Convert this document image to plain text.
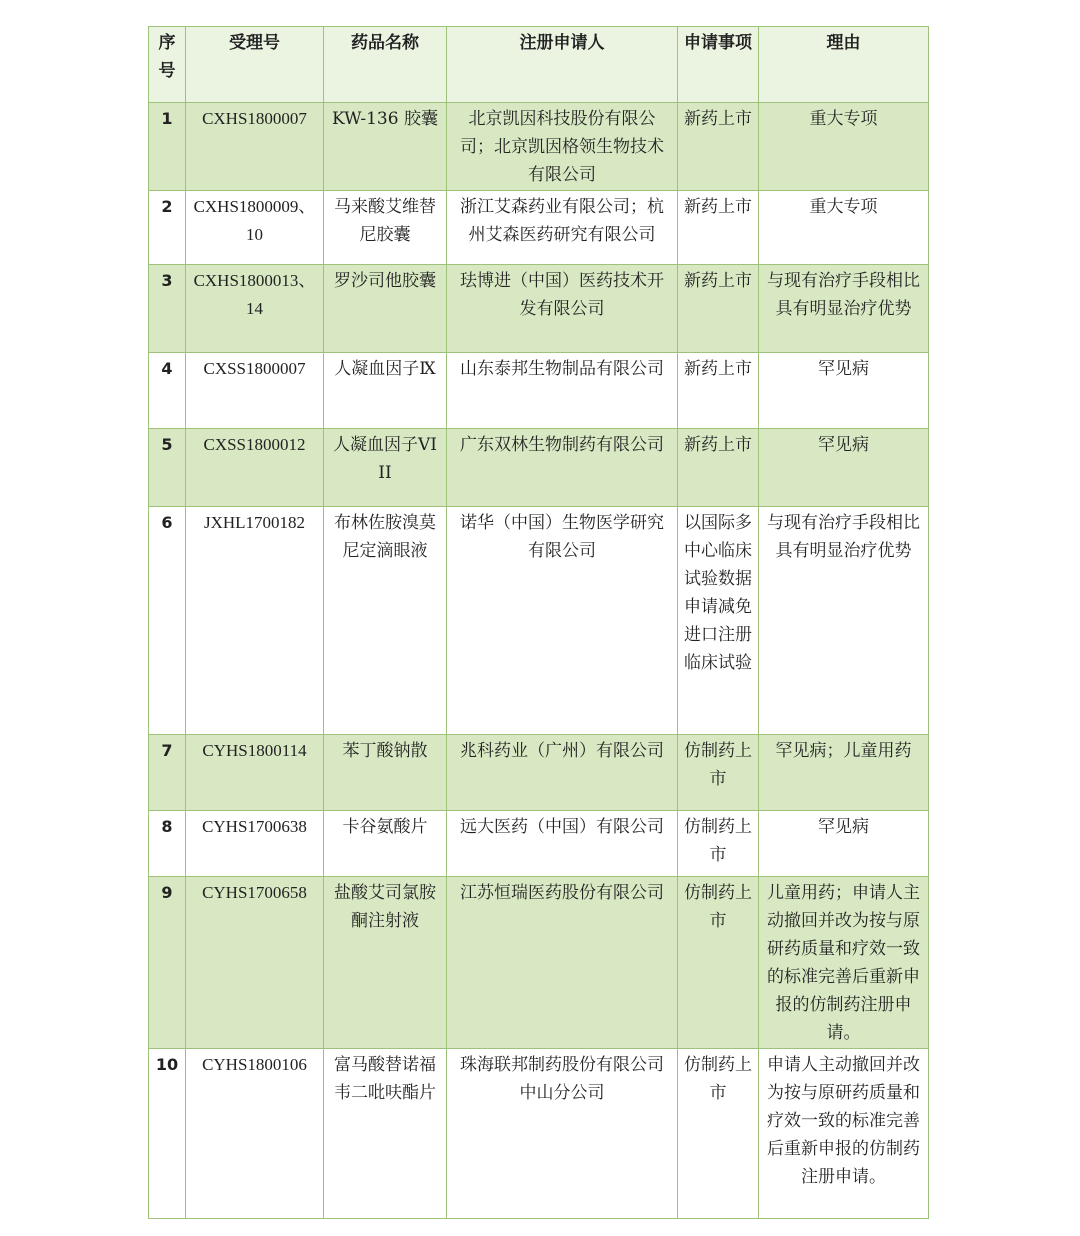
序号	受理号	药品名称	注册申请人	申请事项	理由
1	CXHS1800007	KW-136 胶囊	北京凯因科技股份有限公司；北京凯因格领生物技术有限公司	新药上市	重大专项
2	CXHS1800009、10	马来酸艾维替尼胶囊	浙江艾森药业有限公司；杭州艾森医药研究有限公司	新药上市	重大专项
3	CXHS1800013、14	罗沙司他胶囊	珐博进（中国）医药技术开发有限公司	新药上市	与现有治疗手段相比具有明显治疗优势
4	CXSS1800007	人凝血因子Ⅸ	山东泰邦生物制品有限公司	新药上市	罕见病
5	CXSS1800012	人凝血因子VIII	广东双林生物制药有限公司	新药上市	罕见病
6	JXHL1700182	布林佐胺溴莫尼定滴眼液	诺华（中国）生物医学研究有限公司	以国际多中心临床试验数据申请减免进口注册临床试验	与现有治疗手段相比具有明显治疗优势
7	CYHS1800114	苯丁酸钠散	兆科药业（广州）有限公司	仿制药上市	罕见病；儿童用药
8	CYHS1700638	卡谷氨酸片	远大医药（中国）有限公司	仿制药上市	罕见病
9	CYHS1700658	盐酸艾司氯胺酮注射液	江苏恒瑞医药股份有限公司	仿制药上市	儿童用药；申请人主动撤回并改为按与原研药质量和疗效一致的标准完善后重新申报的仿制药注册申请。
10	CYHS1800106	富马酸替诺福韦二吡呋酯片	珠海联邦制药股份有限公司中山分公司	仿制药上市	申请人主动撤回并改为按与原研药质量和疗效一致的标准完善后重新申报的仿制药注册申请。
